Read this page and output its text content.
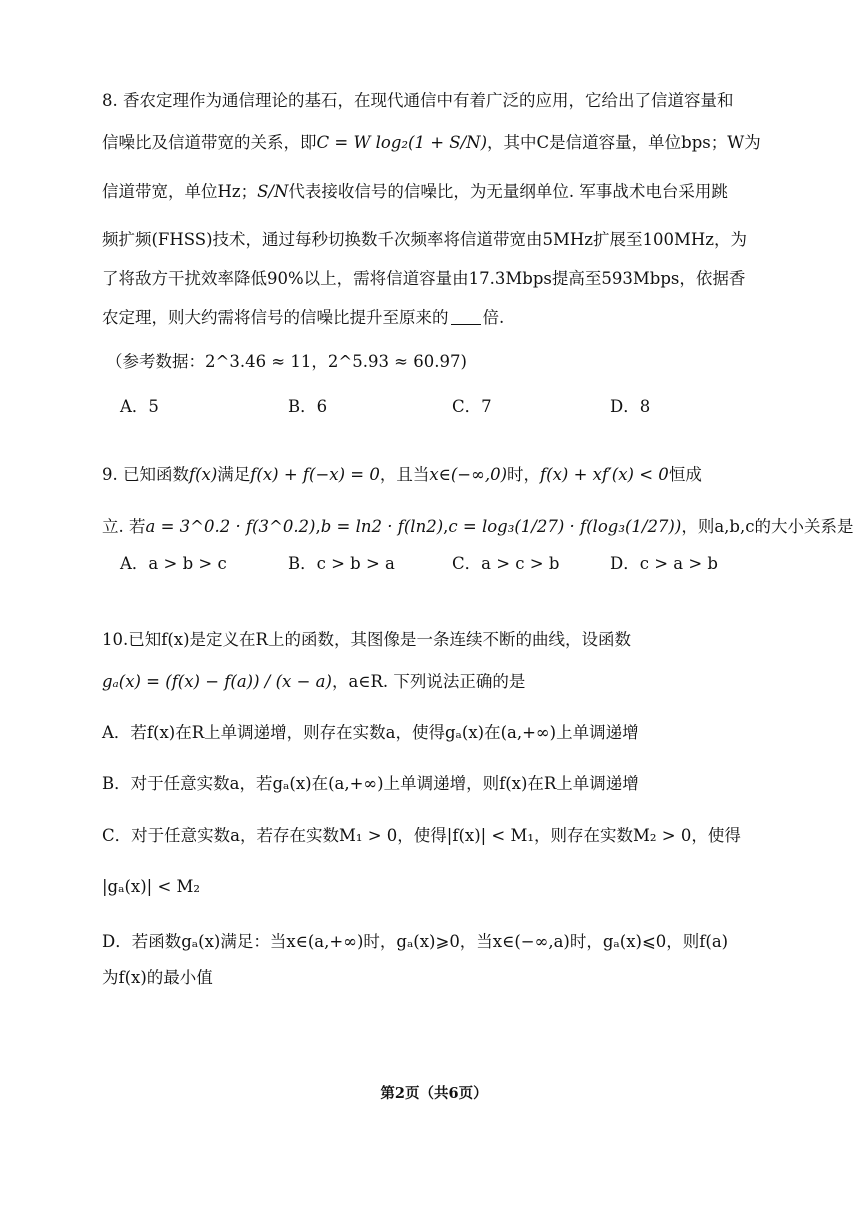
8. 香农定理作为通信理论的基石，在现代通信中有着广泛的应用，它给出了信道容量和
信噪比及信道带宽的关系，即C = W log₂(1 + S/N)，其中C是信道容量，单位bps；W为
信道带宽，单位Hz；S/N代表接收信号的信噪比，为无量纲单位. 军事战术电台采用跳
频扩频(FHSS)技术，通过每秒切换数千次频率将信道带宽由5MHz扩展至100MHz，为
了将敌方干扰效率降低90%以上，需将信道容量由17.3Mbps提高至593Mbps，依据香
农定理，则大约需将信号的信噪比提升至原来的 倍.
（参考数据：2^3.46 ≈ 11，2^5.93 ≈ 60.97)
A．5	B．6	C．7	D．8
9. 已知函数f(x)满足f(x) + f(−x) = 0，且当x∈(−∞,0)时，f(x) + xf′(x) < 0恒成
立. 若a = 3^0.2 · f(3^0.2),b = ln2 · f(ln2),c = log₃(1/27) · f(log₃(1/27))，则a,b,c的大小关系是
A．a > b > c	B．c > b > a	C．a > c > b	D．c > a > b
10.已知f(x)是定义在R上的函数，其图像是一条连续不断的曲线，设函数
gₐ(x) = (f(x) − f(a)) / (x − a)，a∈R. 下列说法正确的是
A．若f(x)在R上单调递增，则存在实数a，使得gₐ(x)在(a,+∞)上单调递增
B．对于任意实数a，若gₐ(x)在(a,+∞)上单调递增，则f(x)在R上单调递增
C．对于任意实数a，若存在实数M₁ > 0，使得|f(x)| < M₁，则存在实数M₂ > 0，使得
|gₐ(x)| < M₂
D．若函数gₐ(x)满足：当x∈(a,+∞)时，gₐ(x)⩾0，当x∈(−∞,a)时，gₐ(x)⩽0，则f(a)
为f(x)的最小值
第2页（共6页）
